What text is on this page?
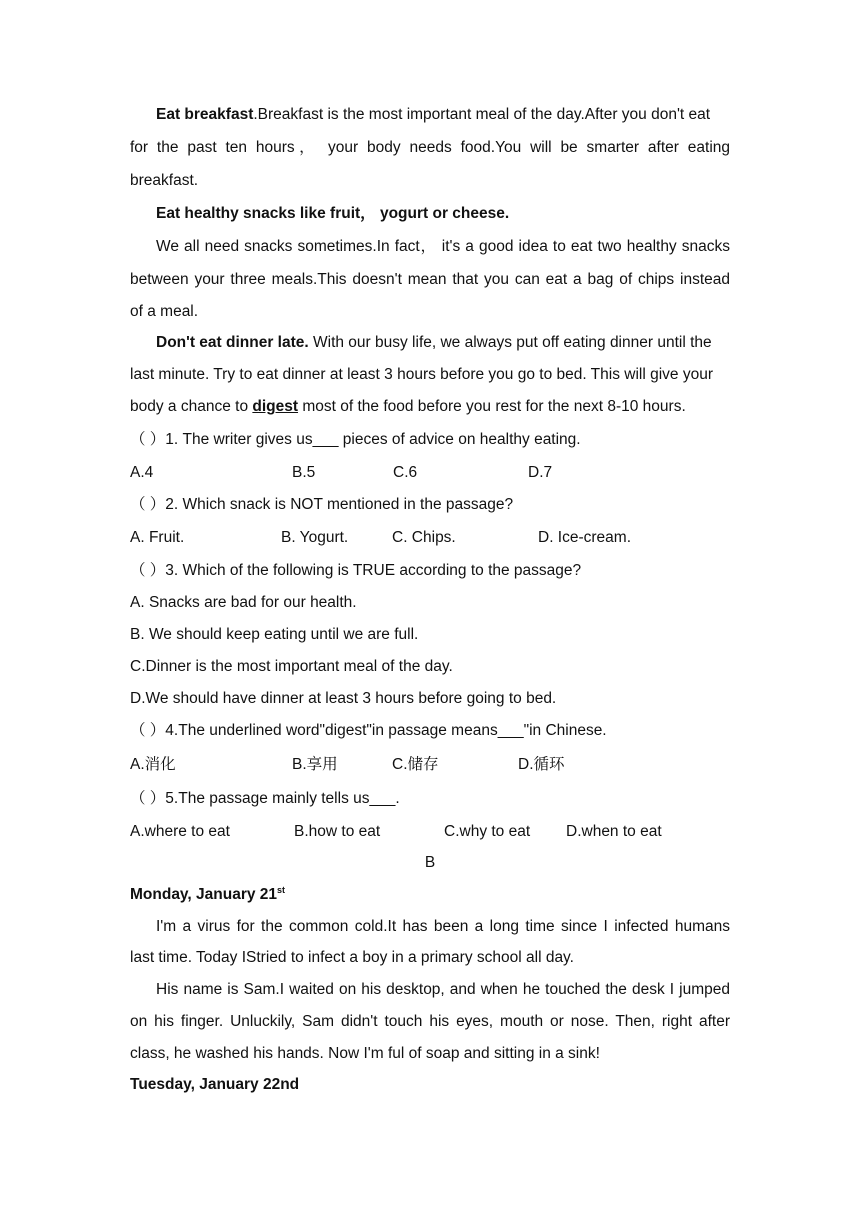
Eat breakfast.Breakfast is the most important meal of the day.After you don't eat
for the past ten hours， your body needs food.You will be smarter after eating
breakfast.
Eat healthy snacks like fruit， yogurt or cheese.
We all need snacks sometimes.In fact， it's a good idea to eat two healthy snacks
between your three meals.This doesn't mean that you can eat a bag of chips instead
of a meal.
Don't eat dinner late. With our busy life, we always put off eating dinner until the
last minute. Try to eat dinner at least 3 hours before you go to bed. This will give your
body a chance to digest most of the food before you rest for the next 8-10 hours.
（ ）1. The writer gives us___ pieces of advice on healthy eating.
A.4	B.5	C.6	D.7
（ ）2. Which snack is NOT mentioned in the passage?
A. Fruit.	B. Yogurt.	C. Chips.	D. Ice-cream.
（ ）3. Which of the following is TRUE according to the passage?
A. Snacks are bad for our health.
B. We should keep eating until we are full.
C.Dinner is the most important meal of the day.
D.We should have dinner at least 3 hours before going to bed.
（ ）4.The underlined word"digest"in passage means___"in Chinese.
A.消化	B.享用	C.储存	D.循环
（ ）5.The passage mainly tells us___.
A.where to eat	B.how to eat	C.why to eat D.when to eat
B
Monday, January 21st
I'm a virus for the common cold.It has been a long time since I infected humans
last time. Today IStried to infect a boy in a primary school all day.
His name is Sam.I waited on his desktop, and when he touched the desk I jumped
on his finger. Unluckily, Sam didn't touch his eyes, mouth or nose. Then, right after
class, he washed his hands. Now I'm ful of soap and sitting in a sink!
Tuesday, January 22nd
